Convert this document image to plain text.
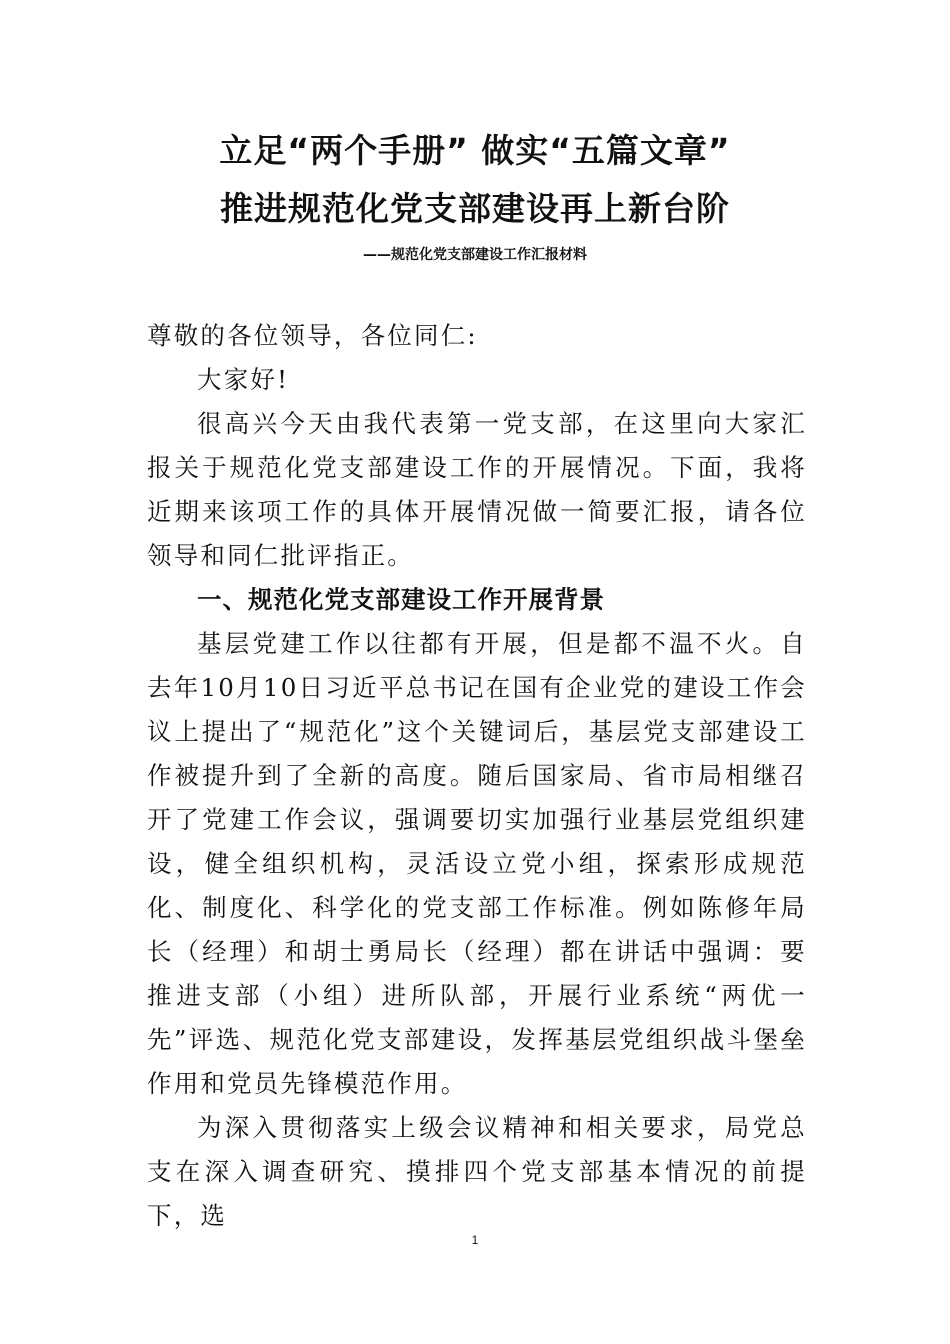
立足“两个手册” 做实“五篇文章”
推进规范化党支部建设再上新台阶
——规范化党支部建设工作汇报材料

尊敬的各位领导，各位同仁:

大家好!

很高兴今天由我代表第一党支部，在这里向大家汇报关于规范化党支部建设工作的开展情况。下面，我将近期来该项工作的具体开展情况做一简要汇报，请各位领导和同仁批评指正。

一、规范化党支部建设工作开展背景

基层党建工作以往都有开展，但是都不温不火。自去年10月10日习近平总书记在国有企业党的建设工作会议上提出了“规范化”这个关键词后，基层党支部建设工作被提升到了全新的高度。随后国家局、省市局相继召开了党建工作会议，强调要切实加强行业基层党组织建设，健全组织机构，灵活设立党小组，探索形成规范化、制度化、科学化的党支部工作标准。例如陈修年局长（经理）和胡士勇局长（经理）都在讲话中强调：要推进支部（小组）进所队部，开展行业系统“两优一先”评选、规范化党支部建设，发挥基层党组织战斗堡垒作用和党员先锋模范作用。

为深入贯彻落实上级会议精神和相关要求，局党总支在深入调查研究、摸排四个党支部基本情况的前提下，选

1
